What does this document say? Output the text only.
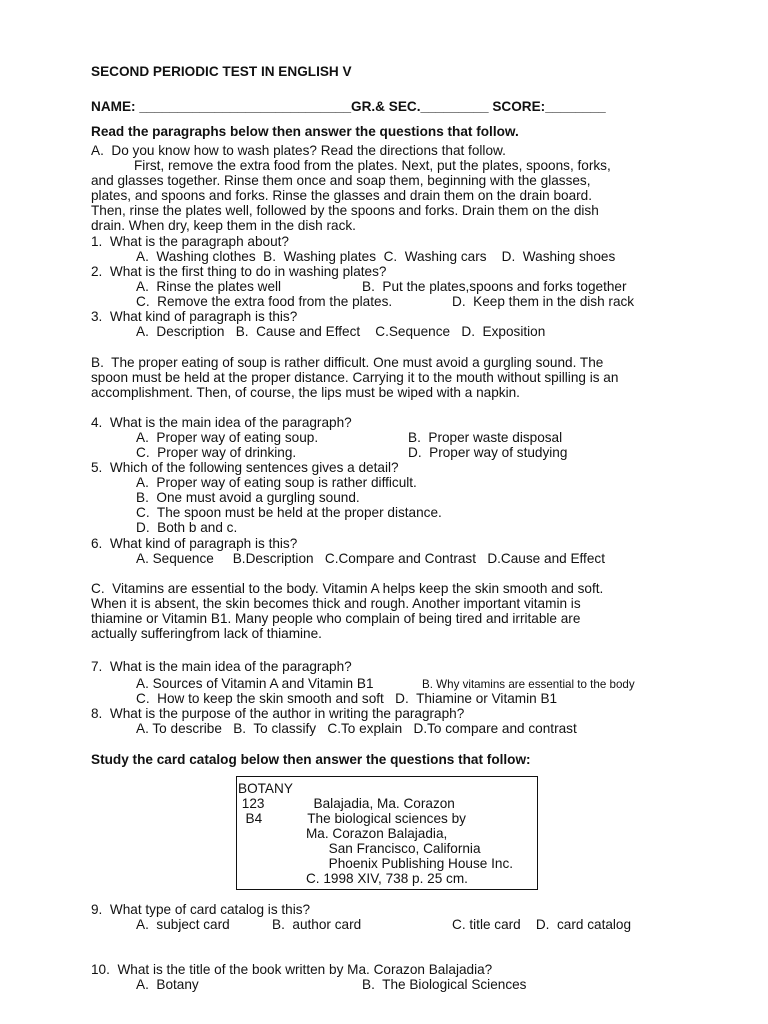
SECOND PERIODIC TEST IN ENGLISH V
NAME: ____________________________GR.& SEC._________ SCORE:________
Read the paragraphs below then answer the questions that follow.
A.  Do you know how to wash plates? Read the directions that follow.
First, remove the extra food from the plates. Next, put the plates, spoons, forks,
and glasses together. Rinse them once and soap them, beginning with the glasses,
plates, and spoons and forks. Rinse the glasses and drain them on the drain board.
Then, rinse the plates well, followed by the spoons and forks. Drain them on the dish
drain. When dry, keep them in the dish rack.
1.  What is the paragraph about?
A.  Washing clothes  B.  Washing plates  C.  Washing cars    D.  Washing shoes
2.  What is the first thing to do in washing plates?
A.  Rinse the plates well	B.  Put the plates,spoons and forks together
C.  Remove the extra food from the plates.	D.  Keep them in the dish rack
3.  What kind of paragraph is this?
A.  Description   B.  Cause and Effect    C.Sequence   D.  Exposition
B.  The proper eating of soup is rather difficult. One must avoid a gurgling sound. The
spoon must be held at the proper distance. Carrying it to the mouth without spilling is an
accomplishment. Then, of course, the lips must be wiped with a napkin.
4.  What is the main idea of the paragraph?
A.  Proper way of eating soup.	B.  Proper waste disposal
C.  Proper way of drinking.	D.  Proper way of studying
5.  Which of the following sentences gives a detail?
A.  Proper way of eating soup is rather difficult.
B.  One must avoid a gurgling sound.
C.  The spoon must be held at the proper distance.
D.  Both b and c.
6.  What kind of paragraph is this?
A. Sequence     B.Description   C.Compare and Contrast   D.Cause and Effect
C.  Vitamins are essential to the body. Vitamin A helps keep the skin smooth and soft.
When it is absent, the skin becomes thick and rough. Another important vitamin is
thiamine or Vitamin B1. Many people who complain of being tired and irritable are
actually sufferingfrom lack of thiamine.
7.  What is the main idea of the paragraph?
A. Sources of Vitamin A and Vitamin B1	B. Why vitamins are essential to the body
C.  How to keep the skin smooth and soft   D.  Thiamine or Vitamin B1
8.  What is the purpose of the author in writing the paragraph?
A. To describe   B.  To classify   C.To explain   D.To compare and contrast
Study the card catalog below then answer the questions that follow:
BOTANY
123             Balajadia, Ma. Corazon
B4            The biological sciences by
Ma. Corazon Balajadia,
San Francisco, California
Phoenix Publishing House Inc.
C. 1998 XIV, 738 p. 25 cm.
9.  What type of card catalog is this?
A.  subject card	B.  author card	C. title card    D.  card catalog
10.  What is the title of the book written by Ma. Corazon Balajadia?
A.  Botany	B.  The Biological Sciences
